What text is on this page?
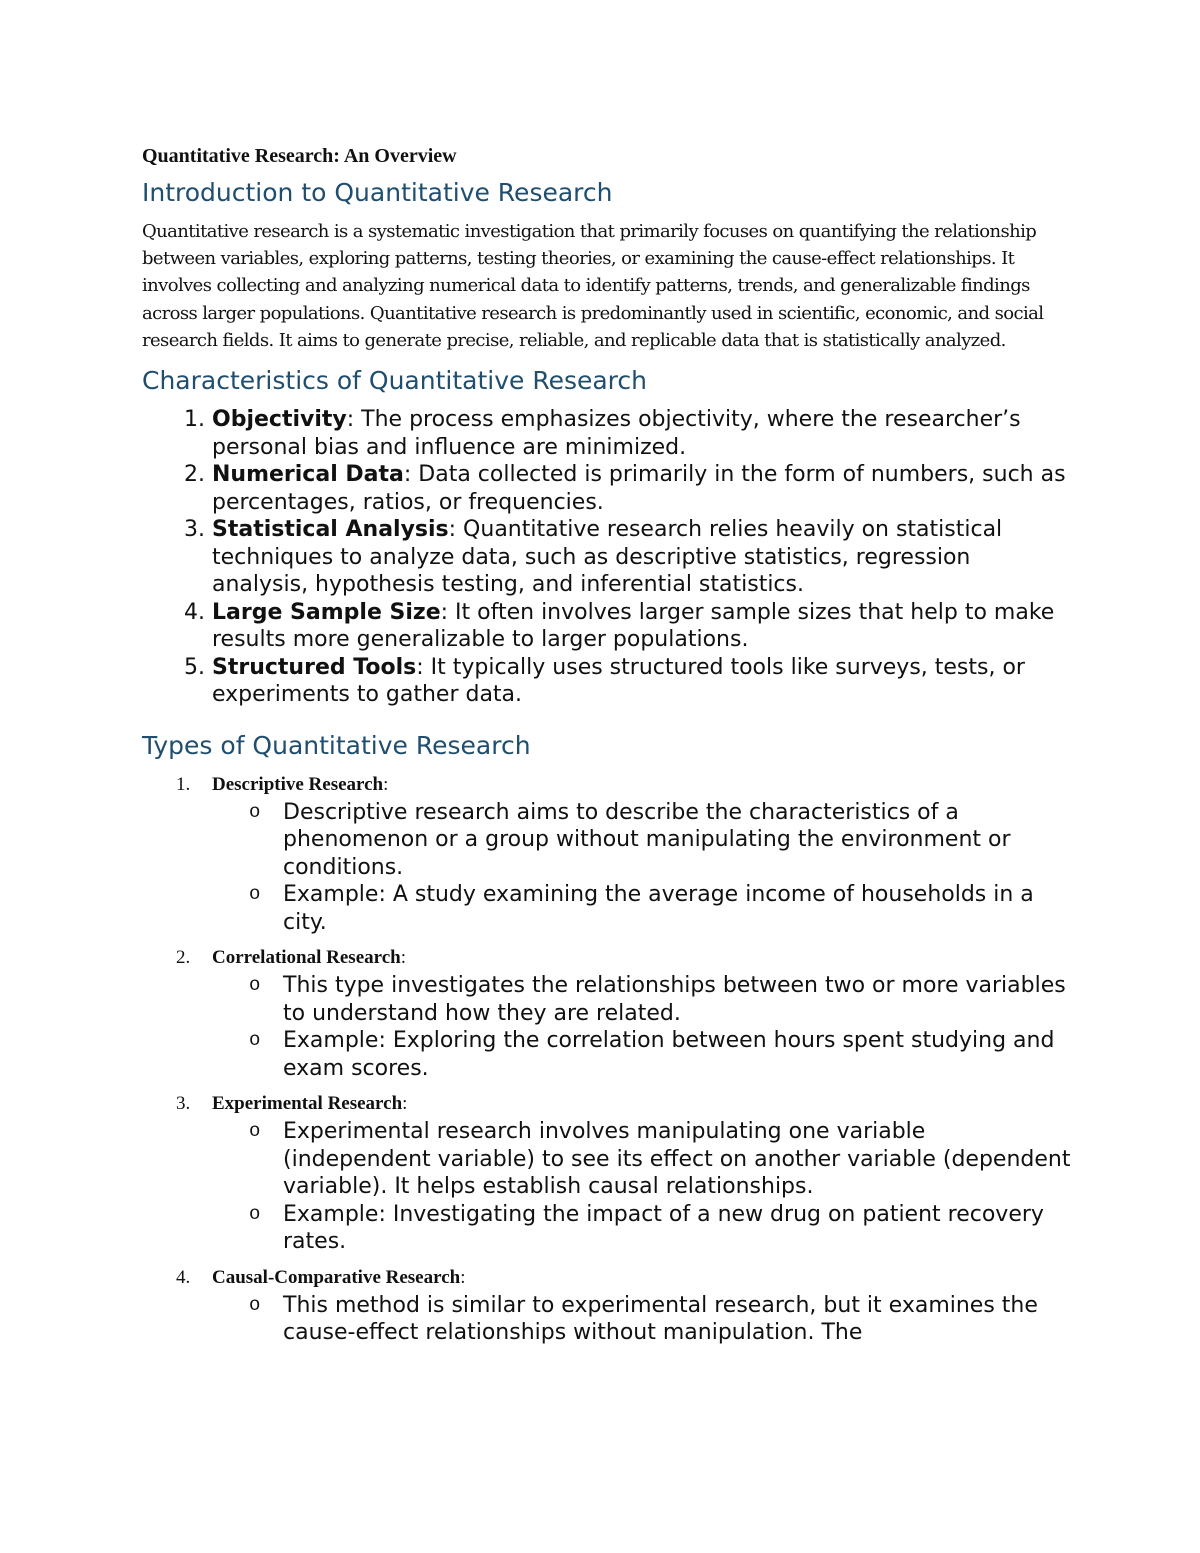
Quantitative Research: An Overview
Introduction to Quantitative Research

Quantitative research is a systematic investigation that primarily focuses on quantifying the relationship between variables, exploring patterns, testing theories, or examining the cause-effect relationships. It involves collecting and analyzing numerical data to identify patterns, trends, and generalizable findings across larger populations. Quantitative research is predominantly used in scientific, economic, and social research fields. It aims to generate precise, reliable, and replicable data that is statistically analyzed.

Characteristics of Quantitative Research
1. Objectivity: The process emphasizes objectivity, where the researcher’s personal bias and influence are minimized.
2. Numerical Data: Data collected is primarily in the form of numbers, such as percentages, ratios, or frequencies.
3. Statistical Analysis: Quantitative research relies heavily on statistical techniques to analyze data, such as descriptive statistics, regression analysis, hypothesis testing, and inferential statistics.
4. Large Sample Size: It often involves larger sample sizes that help to make results more generalizable to larger populations.
5. Structured Tools: It typically uses structured tools like surveys, tests, or experiments to gather data.
Types of Quantitative Research
1. Descriptive Research:
o Descriptive research aims to describe the characteristics of a phenomenon or a group without manipulating the environment or conditions.
o Example: A study examining the average income of households in a city.
2. Correlational Research:
o This type investigates the relationships between two or more variables to understand how they are related.
o Example: Exploring the correlation between hours spent studying and exam scores.
3. Experimental Research:
o Experimental research involves manipulating one variable (independent variable) to see its effect on another variable (dependent variable). It helps establish causal relationships.
o Example: Investigating the impact of a new drug on patient recovery rates.
4. Causal-Comparative Research:
o This method is similar to experimental research, but it examines the cause-effect relationships without manipulation. The
